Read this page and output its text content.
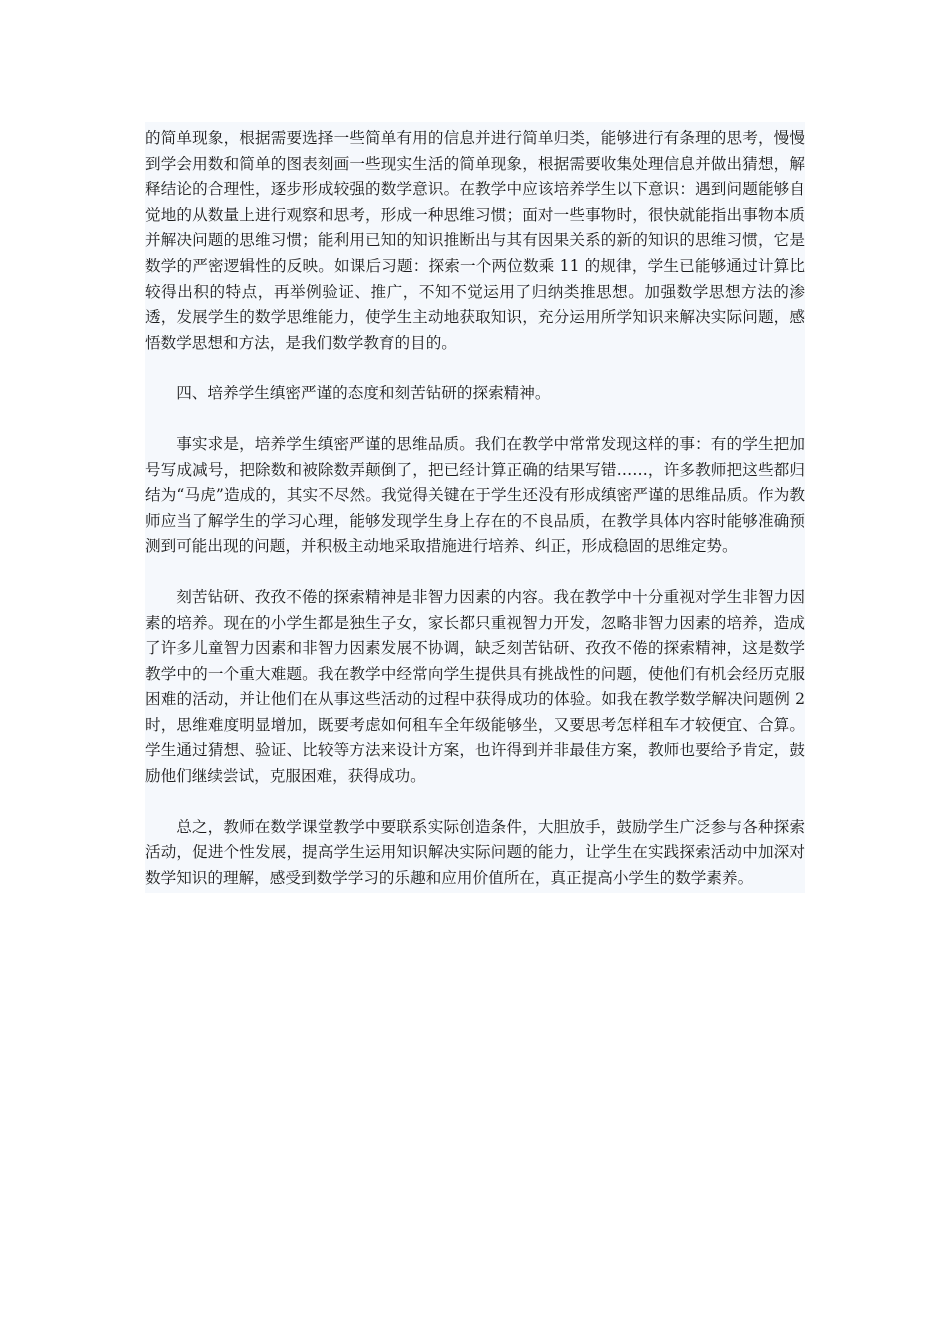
的简单现象，根据需要选择一些简单有用的信息并进行简单归类，能够进行有条理的思考，慢慢到学会用数和简单的图表刻画一些现实生活的简单现象，根据需要收集处理信息并做出猜想，解释结论的合理性，逐步形成较强的数学意识。在教学中应该培养学生以下意识：遇到问题能够自觉地的从数量上进行观察和思考，形成一种思维习惯；面对一些事物时，很快就能指出事物本质并解决问题的思维习惯；能利用已知的知识推断出与其有因果关系的新的知识的思维习惯，它是数学的严密逻辑性的反映。如课后习题：探索一个两位数乘 11 的规律，学生已能够通过计算比较得出积的特点，再举例验证、推广，不知不觉运用了归纳类推思想。加强数学思想方法的渗透，发展学生的数学思维能力，使学生主动地获取知识，充分运用所学知识来解决实际问题，感悟数学思想和方法，是我们数学教育的目的。

四、培养学生缜密严谨的态度和刻苦钻研的探索精神。

事实求是，培养学生缜密严谨的思维品质。我们在教学中常常发现这样的事：有的学生把加号写成减号，把除数和被除数弄颠倒了，把已经计算正确的结果写错……，许多教师把这些都归结为“马虎”造成的，其实不尽然。我觉得关键在于学生还没有形成缜密严谨的思维品质。作为教师应当了解学生的学习心理，能够发现学生身上存在的不良品质，在教学具体内容时能够准确预测到可能出现的问题，并积极主动地采取措施进行培养、纠正，形成稳固的思维定势。

刻苦钻研、孜孜不倦的探索精神是非智力因素的内容。我在教学中十分重视对学生非智力因素的培养。现在的小学生都是独生子女，家长都只重视智力开发，忽略非智力因素的培养，造成了许多儿童智力因素和非智力因素发展不协调，缺乏刻苦钻研、孜孜不倦的探索精神，这是数学教学中的一个重大难题。我在教学中经常向学生提供具有挑战性的问题，使他们有机会经历克服困难的活动，并让他们在从事这些活动的过程中获得成功的体验。如我在教学数学解决问题例 2 时，思维难度明显增加，既要考虑如何租车全年级能够坐，又要思考怎样租车才较便宜、合算。学生通过猜想、验证、比较等方法来设计方案，也许得到并非最佳方案，教师也要给予肯定，鼓励他们继续尝试，克服困难，获得成功。

总之，教师在数学课堂教学中要联系实际创造条件，大胆放手，鼓励学生广泛参与各种探索活动，促进个性发展，提高学生运用知识解决实际问题的能力，让学生在实践探索活动中加深对数学知识的理解，感受到数学学习的乐趣和应用价值所在，真正提高小学生的数学素养。
